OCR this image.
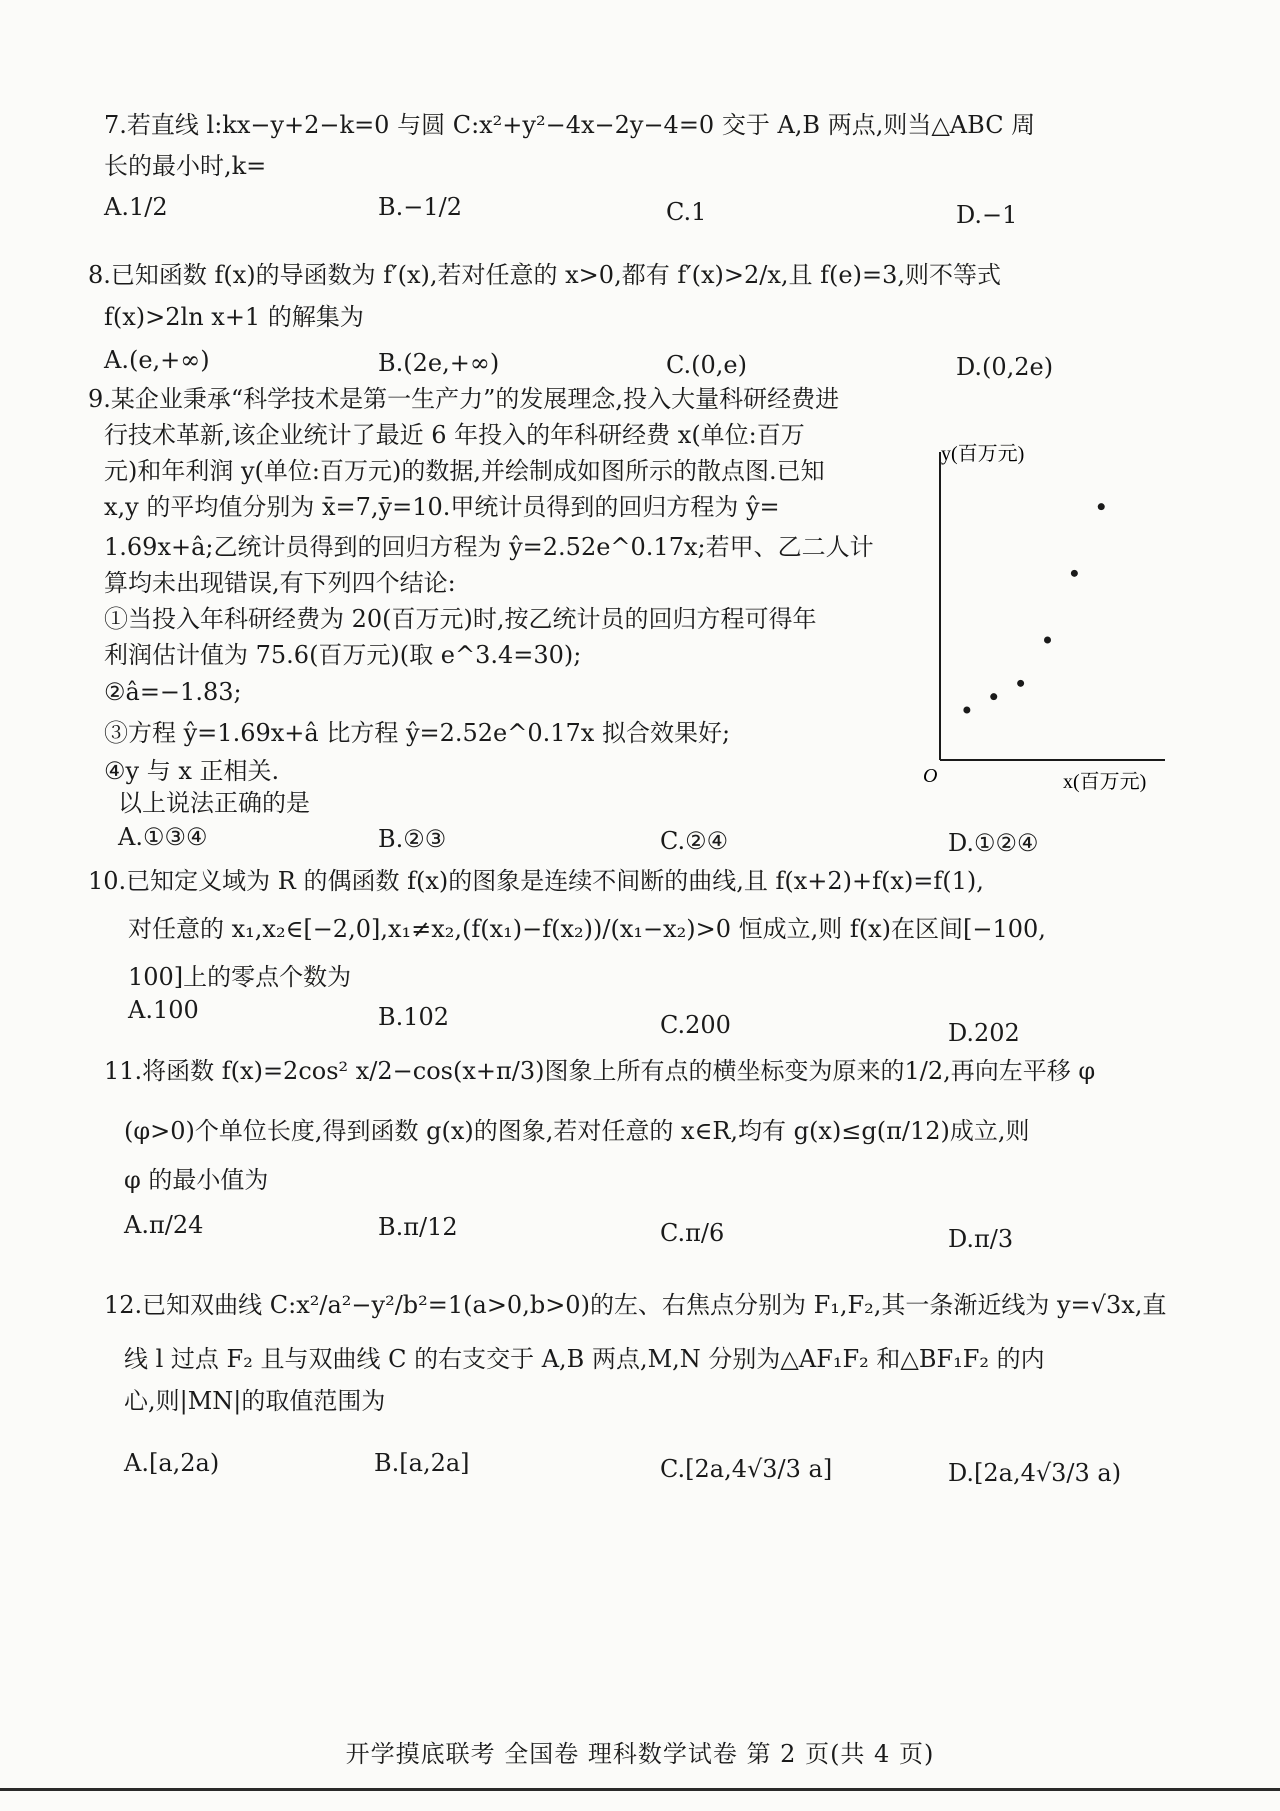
7.若直线 l:kx−y+2−k=0 与圆 C:x²+y²−4x−2y−4=0 交于 A,B 两点,则当△ABC 周
长的最小时,k=
A.1/2	B.−1/2	C.1	D.−1
8.已知函数 f(x)的导函数为 f′(x),若对任意的 x>0,都有 f′(x)>2/x,且 f(e)=3,则不等式
f(x)>2ln x+1 的解集为
A.(e,+∞)	B.(2e,+∞)	C.(0,e)	D.(0,2e)
9.某企业秉承“科学技术是第一生产力”的发展理念,投入大量科研经费进
行技术革新,该企业统计了最近 6 年投入的年科研经费 x(单位:百万
元)和年利润 y(单位:百万元)的数据,并绘制成如图所示的散点图.已知
x,y 的平均值分别为 x̄=7,ȳ=10.甲统计员得到的回归方程为 ŷ=
1.69x+â;乙统计员得到的回归方程为 ŷ=2.52e^0.17x;若甲、乙二人计
算均未出现错误,有下列四个结论:
①当投入年科研经费为 20(百万元)时,按乙统计员的回归方程可得年
利润估计值为 75.6(百万元)(取 e^3.4=30);
②â=−1.83;
③方程 ŷ=1.69x+â 比方程 ŷ=2.52e^0.17x 拟合效果好;
④y 与 x 正相关.
以上说法正确的是
A.①③④	B.②③	C.②④	D.①②④
y(百万元)
x(百万元)
O
10.已知定义域为 R 的偶函数 f(x)的图象是连续不间断的曲线,且 f(x+2)+f(x)=f(1),
对任意的 x₁,x₂∈[−2,0],x₁≠x₂,(f(x₁)−f(x₂))/(x₁−x₂)>0 恒成立,则 f(x)在区间[−100,
100]上的零点个数为
A.100	B.102	C.200	D.202
11.将函数 f(x)=2cos² x/2−cos(x+π/3)图象上所有点的横坐标变为原来的1/2,再向左平移 φ
(φ>0)个单位长度,得到函数 g(x)的图象,若对任意的 x∈R,均有 g(x)≤g(π/12)成立,则
φ 的最小值为
A.π/24	B.π/12	C.π/6	D.π/3
12.已知双曲线 C:x²/a²−y²/b²=1(a>0,b>0)的左、右焦点分别为 F₁,F₂,其一条渐近线为 y=√3x,直
线 l 过点 F₂ 且与双曲线 C 的右支交于 A,B 两点,M,N 分别为△AF₁F₂ 和△BF₁F₂ 的内
心,则|MN|的取值范围为
A.[a,2a)	B.[a,2a]	C.[2a,4√3/3 a]	D.[2a,4√3/3 a)
开学摸底联考 全国卷 理科数学试卷 第 2 页(共 4 页)
